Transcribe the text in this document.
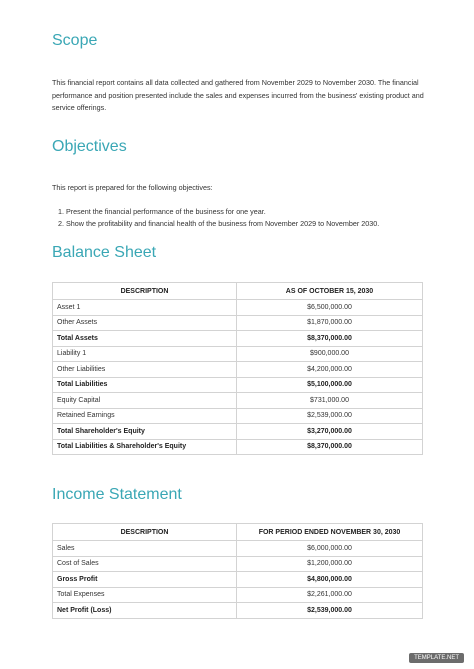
Scope

This financial report contains all data collected and gathered from November 2029 to November 2030. The financial performance and position presented include the sales and expenses incurred from the business' existing product and service offerings.

Objectives

This report is prepared for the following objectives:

1. Present the financial performance of the business for one year.
2. Show the profitability and financial health of the business from November 2029 to November 2030.
Balance Sheet
DESCRIPTION	AS OF OCTOBER 15, 2030
Asset 1	$6,500,000.00
Other Assets	$1,870,000.00
Total Assets	$8,370,000.00
Liability 1	$900,000.00
Other Liabilities	$4,200,000.00
Total Liabilities	$5,100,000.00
Equity Capital	$731,000.00
Retained Earnings	$2,539,000.00
Total Shareholder's Equity	$3,270,000.00
Total Liabilities & Shareholder's Equity	$8,370,000.00
Income Statement
DESCRIPTION	FOR PERIOD ENDED NOVEMBER 30, 2030
Sales	$6,000,000.00
Cost of Sales	$1,200,000.00
Gross Profit	$4,800,000.00
Total Expenses	$2,261,000.00
Net Profit (Loss)	$2,539,000.00
TEMPLATE.NET
